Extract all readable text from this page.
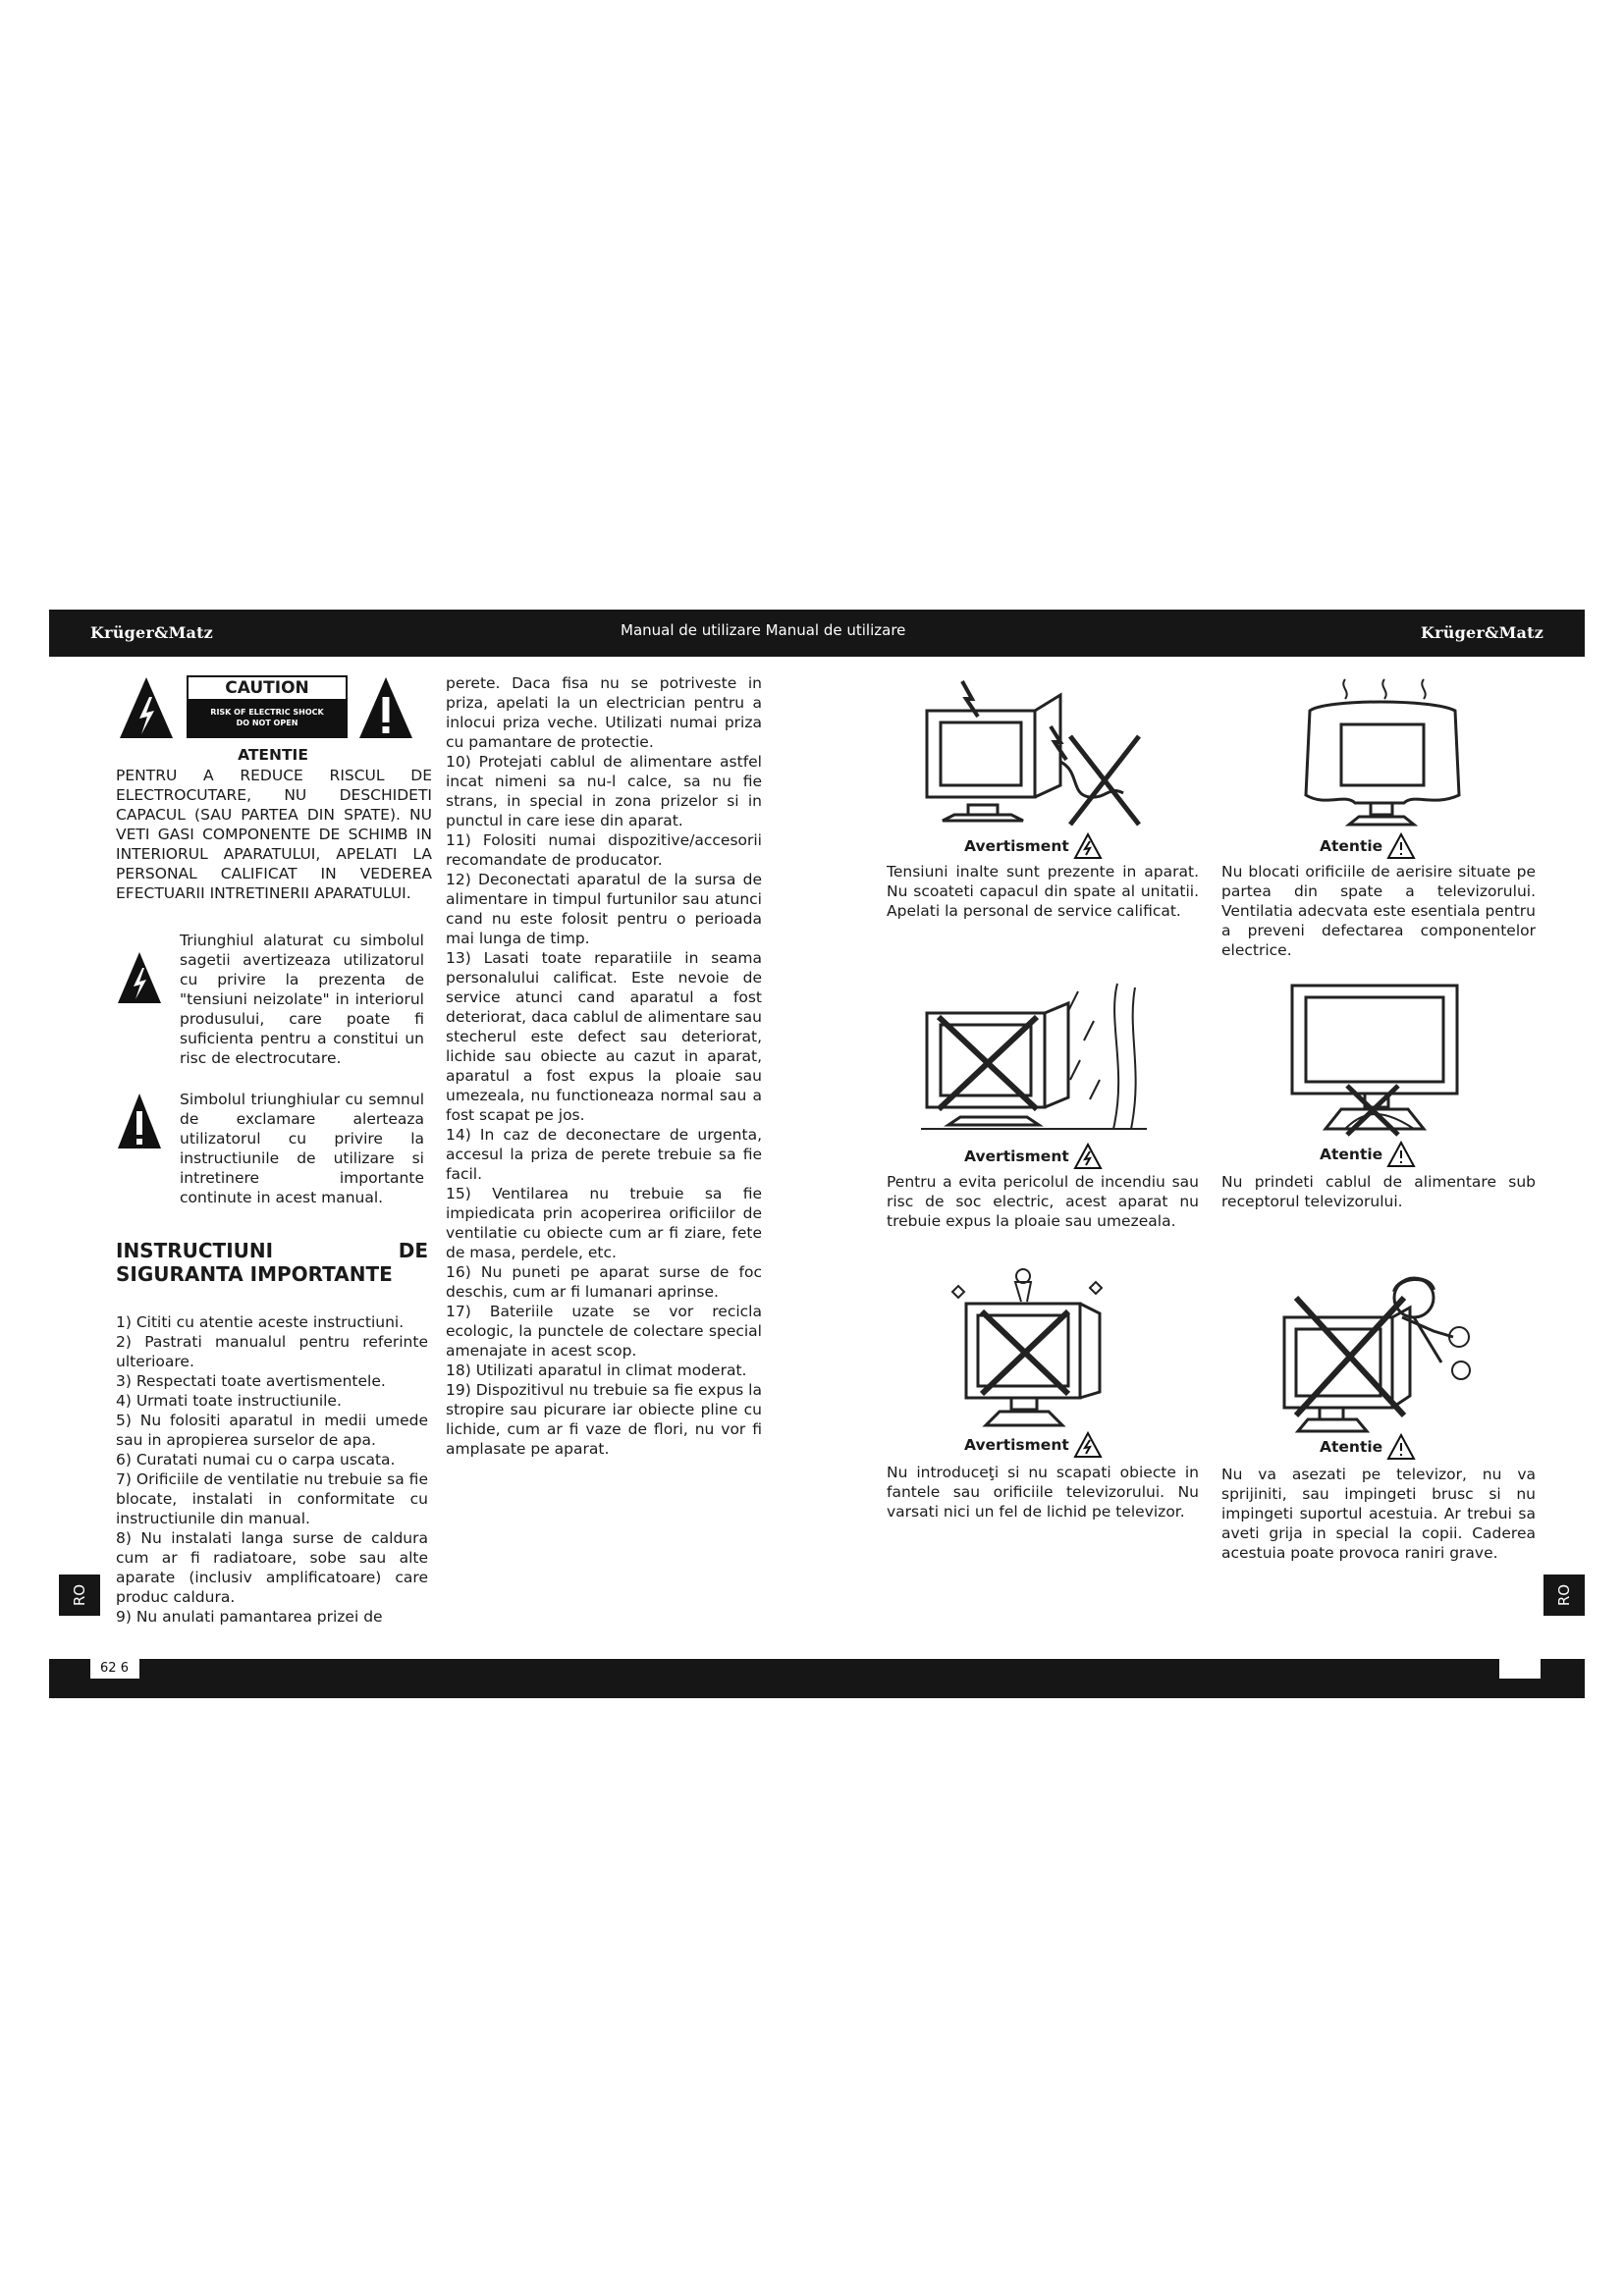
Krüger&Matz	Manual de utilizare Manual de utilizare	Krüger&Matz
CAUTION
RISK OF ELECTRIC SHOCK
DO NOT OPEN
ATENTIE
PENTRU A REDUCE RISCUL DE ELECTROCUTARE, NU DESCHIDETI CAPACUL (SAU PARTEA DIN SPATE). NU VETI GASI COMPONENTE DE SCHIMB IN INTERIORUL APARATULUI, APELATI LA PERSONAL CALIFICAT IN VEDEREA EFECTUARII INTRETINERII APARATULUI.
Triunghiul alaturat cu simbolul sagetii avertizeaza utilizatorul cu privire la prezenta de "tensiuni neizolate" in interiorul produsului, care poate fi suficienta pentru a constitui un risc de electrocutare.
Simbolul triunghiular cu semnul de exclamare alerteaza utilizatorul cu privire la instructiunile de utilizare si intretinere importante continute in acest manual.
INSTRUCTIUNI	DE
SIGURANTA IMPORTANTE

1) Cititi cu atentie aceste instructiuni.

2) Pastrati manualul pentru referinte ulterioare.

3) Respectati toate avertismentele.

4) Urmati toate instructiunile.

5) Nu folositi aparatul in medii umede sau in apropierea surselor de apa.

6) Curatati numai cu o carpa uscata.

7) Orificiile de ventilatie nu trebuie sa fie blocate, instalati in conformitate cu instructiunile din manual.

8) Nu instalati langa surse de caldura cum ar fi radiatoare, sobe sau alte aparate (inclusiv amplificatoare) care produc caldura.

9) Nu anulati pamantarea prizei de

perete. Daca fisa nu se potriveste in priza, apelati la un electrician pentru a inlocui priza veche. Utilizati numai priza cu pamantare de protectie.

10) Protejati cablul de alimentare astfel incat nimeni sa nu-l calce, sa nu fie strans, in special in zona prizelor si in punctul in care iese din aparat.

11) Folositi numai dispozitive/accesorii recomandate de producator.

12) Deconectati aparatul de la sursa de alimentare in timpul furtunilor sau atunci cand nu este folosit pentru o perioada mai lunga de timp.

13) Lasati toate reparatiile in seama personalului calificat. Este nevoie de service atunci cand aparatul a fost deteriorat, daca cablul de alimentare sau stecherul este defect sau deteriorat, lichide sau obiecte au cazut in aparat, aparatul a fost expus la ploaie sau umezeala, nu functioneaza normal sau a fost scapat pe jos.

14) In caz de deconectare de urgenta, accesul la priza de perete trebuie sa fie facil.

15) Ventilarea nu trebuie sa fie impiedicata prin acoperirea orificiilor de ventilatie cu obiecte cum ar fi ziare, fete de masa, perdele, etc.

16) Nu puneti pe aparat surse de foc deschis, cum ar fi lumanari aprinse.

17) Bateriile uzate se vor recicla ecologic, la punctele de colectare special amenajate in acest scop.

18) Utilizati aparatul in climat moderat.

19) Dispozitivul nu trebuie sa fie expus la stropire sau picurare iar obiecte pline cu lichide, cum ar fi vaze de flori, nu vor fi amplasate pe aparat.

Avertisment
Tensiuni inalte sunt prezente in aparat. Nu scoateti capacul din spate al unitatii. Apelati la personal de service calificat.
Atentie
Nu blocati orificiile de aerisire situate pe partea din spate a televizorului. Ventilatia adecvata este esentiala pentru a preveni defectarea componentelor electrice.
Avertisment
Pentru a evita pericolul de incendiu sau risc de soc electric, acest aparat nu trebuie expus la ploaie sau umezeala.
Atentie
Nu prindeti cablul de alimentare sub receptorul televizorului.
Avertisment
Nu introduceţi si nu scapati obiecte in fantele sau orificiile televizorului. Nu varsati nici un fel de lichid pe televizor.
Atentie
Nu va asezati pe televizor, nu va sprijiniti, sau impingeti brusc si nu impingeti suportul acestuia. Ar trebui sa aveti grija in special la copii. Caderea acestuia poate provoca raniri grave.
RO	RO
62 6
